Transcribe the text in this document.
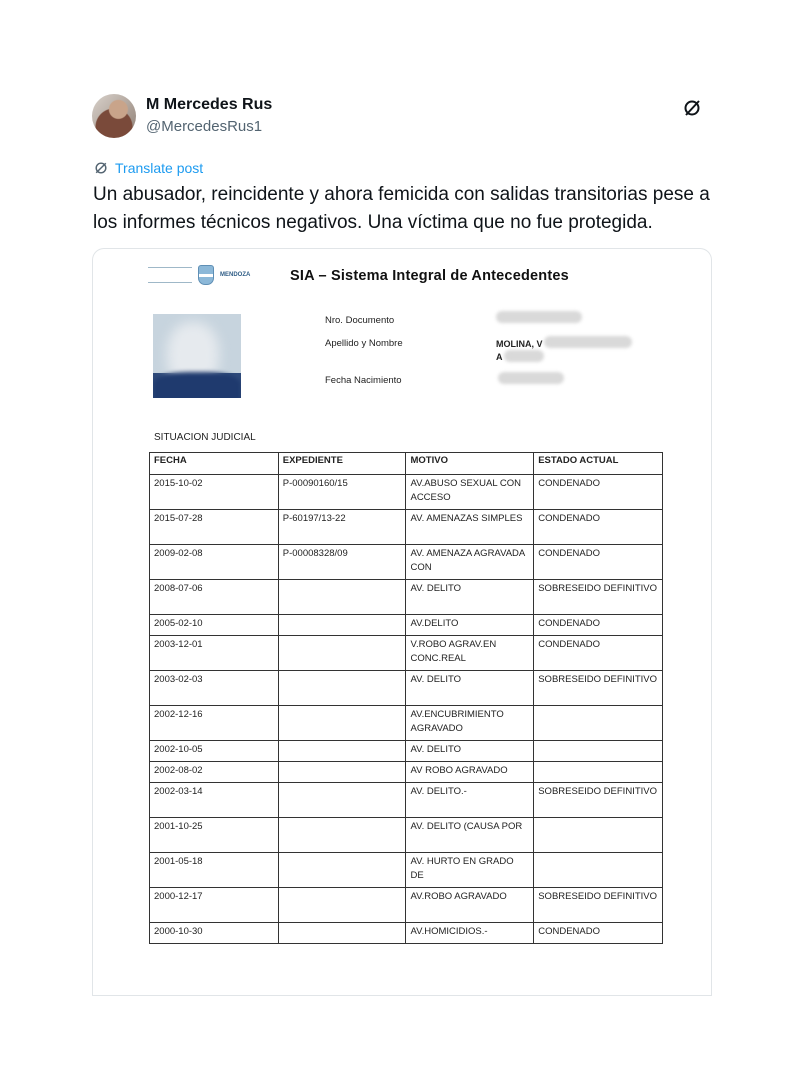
M Mercedes Rus
@MercedesRus1
Translate post
Un abusador, reincidente y ahora femicida con salidas transitorias pese a
los informes técnicos negativos. Una víctima que no fue protegida.
MENDOZA	SIA – Sistema Integral de Antecedentes
Nro. Documento
Apellido y Nombre	MOLINA, V
A
Fecha Nacimiento
SITUACION JUDICIAL
FECHA	EXPEDIENTE	MOTIVO	ESTADO ACTUAL
2015-10-02	P-00090160/15	AV.ABUSO SEXUAL CON ACCESO	CONDENADO
2015-07-28	P-60197/13-22	AV. AMENAZAS SIMPLES	CONDENADO
2009-02-08	P-00008328/09	AV. AMENAZA AGRAVADA CON	CONDENADO
2008-07-06		AV. DELITO	SOBRESEIDO DEFINITIVO
2005-02-10		AV.DELITO	CONDENADO
2003-12-01		V.ROBO AGRAV.EN CONC.REAL	CONDENADO
2003-02-03		AV. DELITO	SOBRESEIDO DEFINITIVO
2002-12-16		AV.ENCUBRIMIENTO AGRAVADO	
2002-10-05		AV. DELITO	
2002-08-02		AV ROBO AGRAVADO	
2002-03-14		AV. DELITO.-	SOBRESEIDO DEFINITIVO
2001-10-25		AV. DELITO (CAUSA POR	
2001-05-18		AV. HURTO EN GRADO DE	
2000-12-17		AV.ROBO AGRAVADO	SOBRESEIDO DEFINITIVO
2000-10-30		AV.HOMICIDIOS.-	CONDENADO
